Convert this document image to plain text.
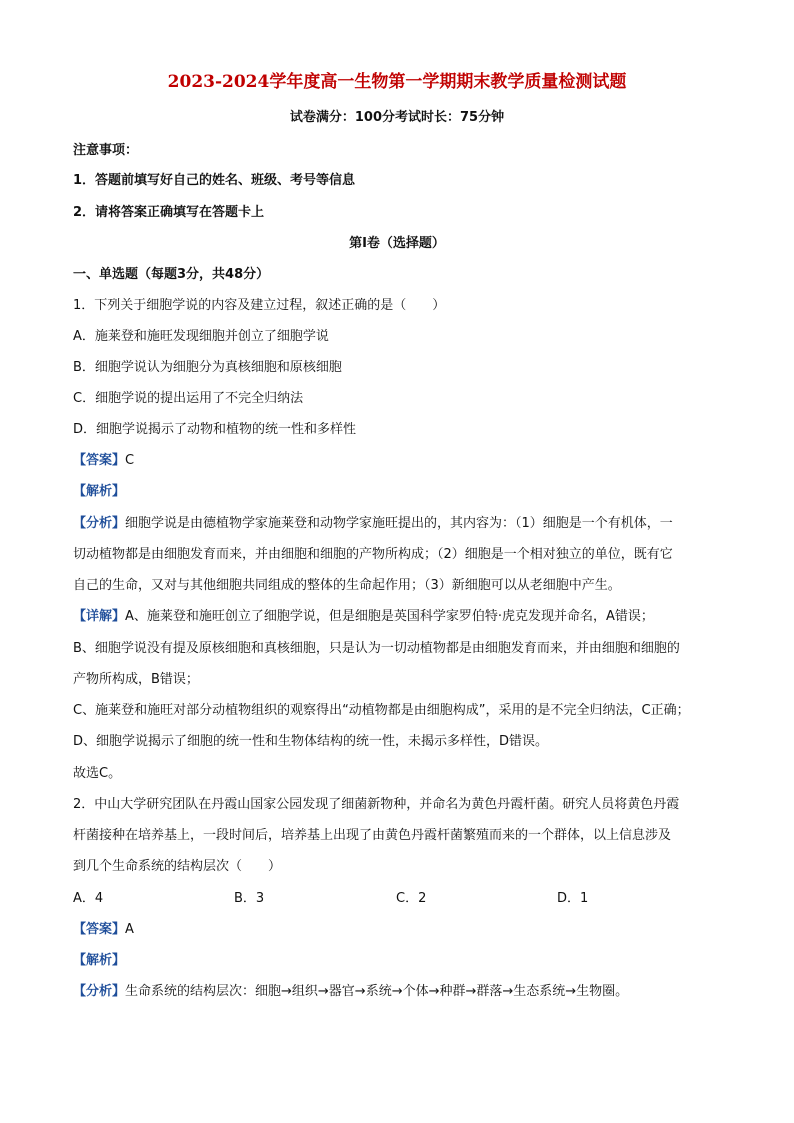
2023-2024学年度高一生物第一学期期末教学质量检测试题
试卷满分：100分考试时长：75分钟
注意事项：
1．答题前填写好自己的姓名、班级、考号等信息
2．请将答案正确填写在答题卡上
第I卷（选择题）
一、单选题（每题3分，共48分）
1．下列关于细胞学说的内容及建立过程，叙述正确的是（　　）
A．施莱登和施旺发现细胞并创立了细胞学说
B．细胞学说认为细胞分为真核细胞和原核细胞
C．细胞学说的提出运用了不完全归纳法
D．细胞学说揭示了动物和植物的统一性和多样性
【答案】C
【解析】
【分析】细胞学说是由德植物学家施莱登和动物学家施旺提出的，其内容为：（1）细胞是一个有机体，一
切动植物都是由细胞发育而来，并由细胞和细胞的产物所构成；（2）细胞是一个相对独立的单位，既有它
自己的生命，又对与其他细胞共同组成的整体的生命起作用；（3）新细胞可以从老细胞中产生。
【详解】A、施莱登和施旺创立了细胞学说，但是细胞是英国科学家罗伯特·虎克发现并命名，A错误；
B、细胞学说没有提及原核细胞和真核细胞，只是认为一切动植物都是由细胞发育而来，并由细胞和细胞的
产物所构成，B错误；
C、施莱登和施旺对部分动植物组织的观察得出“动植物都是由细胞构成”，采用的是不完全归纳法，C正确；
D、细胞学说揭示了细胞的统一性和生物体结构的统一性，未揭示多样性，D错误。
故选C。
2．中山大学研究团队在丹霞山国家公园发现了细菌新物种，并命名为黄色丹霞杆菌。研究人员将黄色丹霞
杆菌接种在培养基上，一段时间后，培养基上出现了由黄色丹霞杆菌繁殖而来的一个群体，以上信息涉及
到几个生命系统的结构层次（　　）
A．4	B．3	C．2	D．1
【答案】A
【解析】
【分析】生命系统的结构层次：细胞→组织→器官→系统→个体→种群→群落→生态系统→生物圈。
